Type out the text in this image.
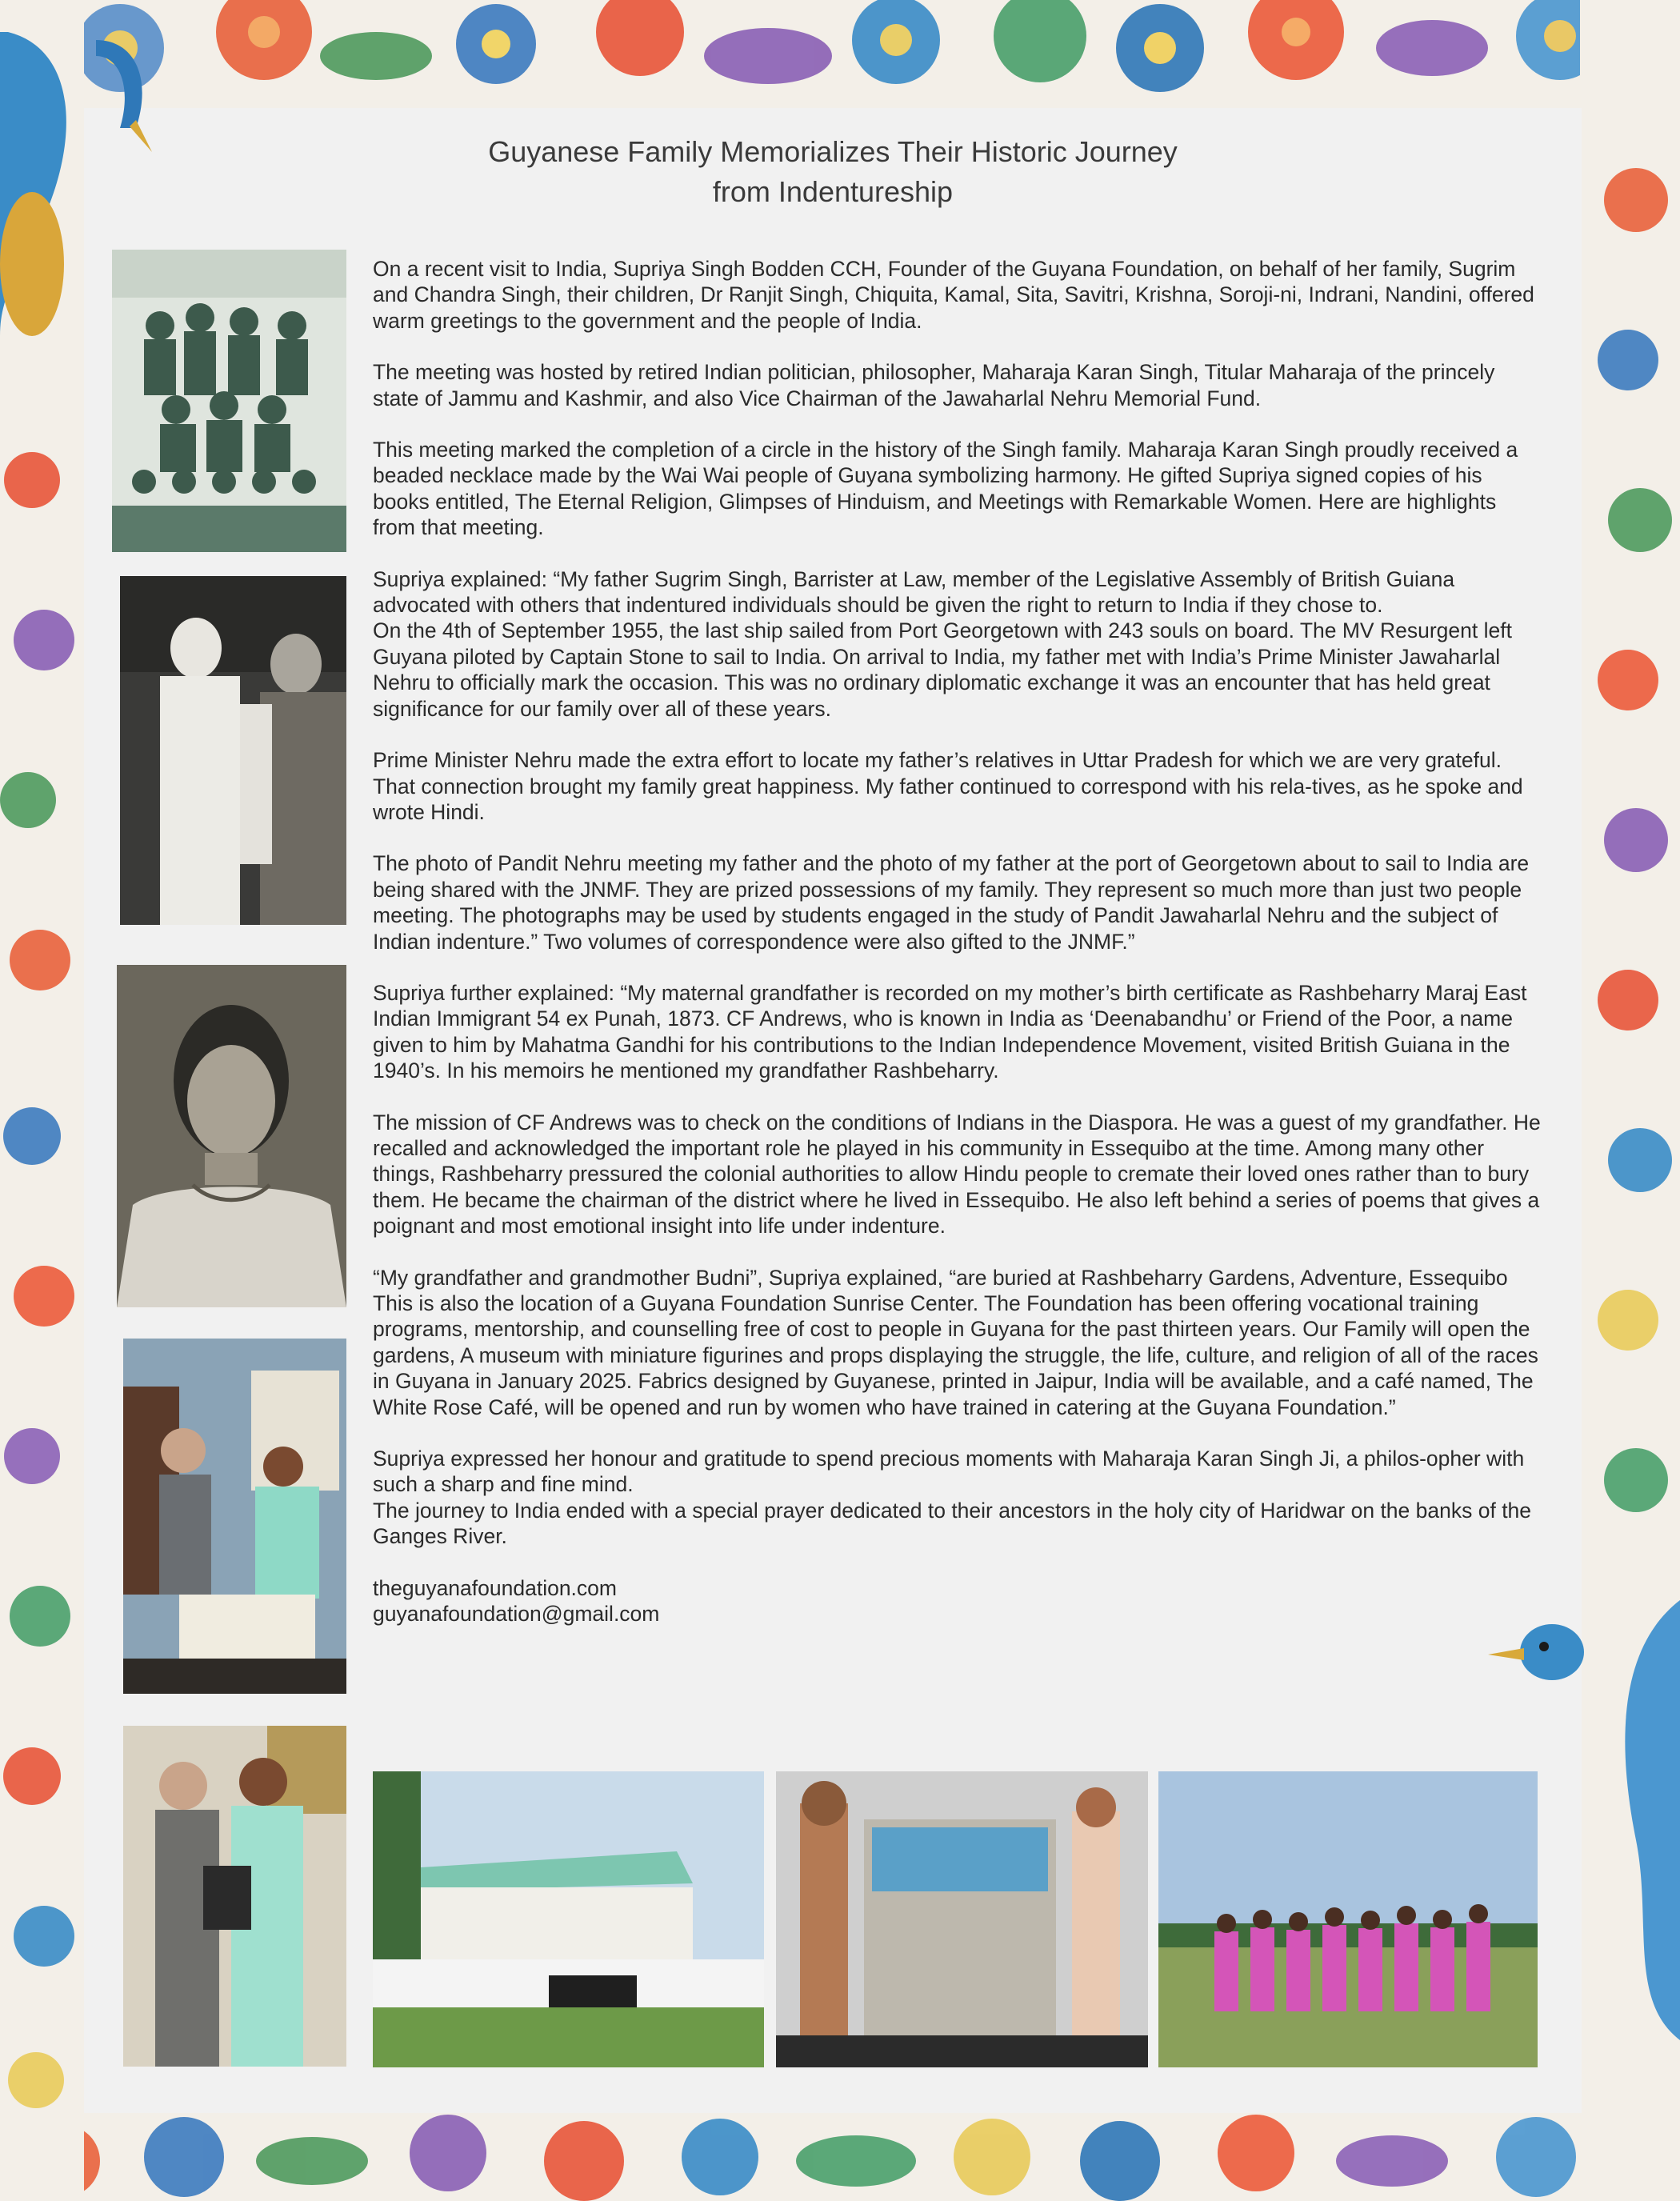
Guyanese Family Memorializes Their Historic Journey
from Indentureship

On a recent visit to India, Supriya Singh Bodden CCH, Founder of the Guyana Foundation, on behalf of her family, Sugrim and Chandra Singh, their children, Dr Ranjit Singh, Chiquita, Kamal, Sita, Savitri, Krishna, Soroji-ni, Indrani, Nandini, offered warm greetings to the government and the people of India.

The meeting was hosted by retired Indian politician, philosopher, Maharaja Karan Singh, Titular Maharaja of the princely state of Jammu and Kashmir, and also Vice Chairman of the Jawaharlal Nehru Memorial Fund.

This meeting marked the completion of a circle in the history of the Singh family. Maharaja Karan Singh proudly received a beaded necklace made by the Wai Wai people of Guyana symbolizing harmony. He gifted Supriya signed copies of his books entitled, The Eternal Religion, Glimpses of Hinduism, and Meetings with Remarkable Women. Here are highlights from that meeting.

Supriya explained: “My father Sugrim Singh, Barrister at Law, member of the Legislative Assembly of British Guiana advocated with others that indentured individuals should be given the right to return to India if they chose to.
On the 4th of September 1955, the last ship sailed from Port Georgetown with 243 souls on board. The MV Resurgent left Guyana piloted by Captain Stone to sail to India. On arrival to India, my father met with India’s Prime Minister Jawaharlal Nehru to officially mark the occasion. This was no ordinary diplomatic exchange it was an encounter that has held great significance for our family over all of these years.

Prime Minister Nehru made the extra effort to locate my father’s relatives in Uttar Pradesh for which we are very grateful. That connection brought my family great happiness. My father continued to correspond with his rela-tives, as he spoke and wrote Hindi.

The photo of Pandit Nehru meeting my father and the photo of my father at the port of Georgetown about to sail to India are being shared with the JNMF. They are prized possessions of my family. They represent so much more than just two people meeting. The photographs may be used by students engaged in the study of Pandit Jawaharlal Nehru and the subject of Indian indenture.” Two volumes of correspondence were also gifted to the JNMF.”

Supriya further explained: “My maternal grandfather is recorded on my mother’s birth certificate as Rashbeharry Maraj East Indian Immigrant 54 ex Punah, 1873. CF Andrews, who is known in India as ‘Deenabandhu’ or Friend of the Poor, a name given to him by Mahatma Gandhi for his contributions to the Indian Independence Movement, visited British Guiana in the 1940’s. In his memoirs he mentioned my grandfather Rashbeharry.

The mission of CF Andrews was to check on the conditions of Indians in the Diaspora. He was a guest of my grandfather. He recalled and acknowledged the important role he played in his community in Essequibo at the time. Among many other things, Rashbeharry pressured the colonial authorities to allow Hindu people to cremate their loved ones rather than to bury them. He became the chairman of the district where he lived in Essequibo. He also left behind a series of poems that gives a poignant and most emotional insight into life under indenture.

“My grandfather and grandmother Budni”, Supriya explained, “are buried at Rashbeharry Gardens, Adventure, Essequibo This is also the location of a Guyana Foundation Sunrise Center. The Foundation has been offering vocational training programs, mentorship, and counselling free of cost to people in Guyana for the past thirteen years. Our Family will open the gardens, A museum with miniature figurines and props displaying the struggle, the life, culture, and religion of all of the races in Guyana in January 2025. Fabrics designed by Guyanese, printed in Jaipur, India will be available, and a café named, The White Rose Café, will be opened and run by women who have trained in catering at the Guyana Foundation.”

Supriya expressed her honour and gratitude to spend precious moments with Maharaja Karan Singh Ji, a philos-opher with such a sharp and fine mind.
The journey to India ended with a special prayer dedicated to their ancestors in the holy city of Haridwar on the banks of the Ganges River.

theguyanafoundation.com
guyanafoundation@gmail.com
